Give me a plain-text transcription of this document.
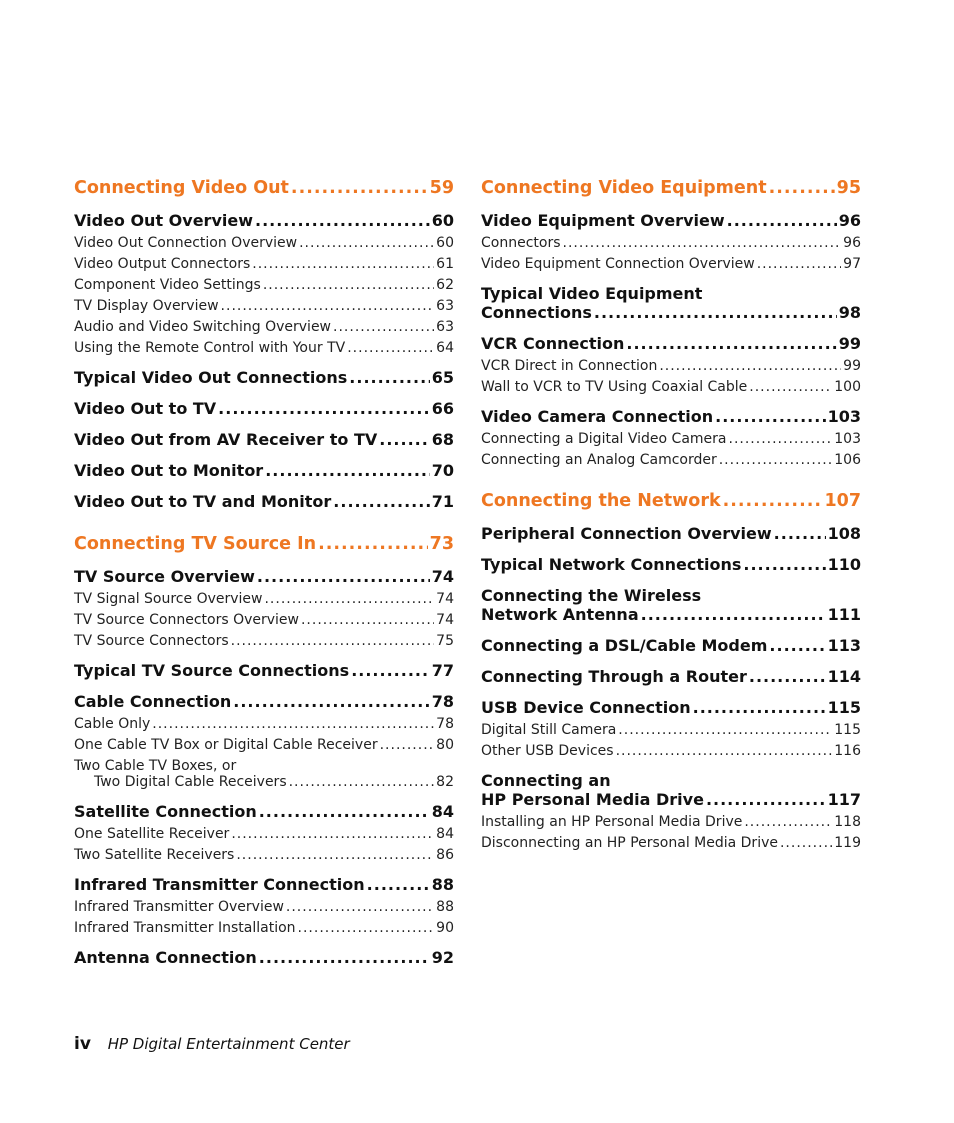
Connecting Video Out .....	59
Video Out Overview .....	60
Video Out Connection Overview .....	60
Video Output Connectors .....	61
Component Video Settings .....	62
TV Display Overview .....	63
Audio and Video Switching Overview .....	63
Using the Remote Control with Your TV .....	64
Typical Video Out Connections .....	65
Video Out to TV .....	66
Video Out from AV Receiver to TV .....	68
Video Out to Monitor .....	70
Video Out to TV and Monitor .....	71
Connecting TV Source In .....	73
TV Source Overview .....	74
TV Signal Source Overview .....	74
TV Source Connectors Overview .....	74
TV Source Connectors .....	75
Typical TV Source Connections .....	77
Cable Connection .....	78
Cable Only .....	78
One Cable TV Box or Digital Cable Receiver .....	80
Two Cable TV Boxes, or
Two Digital Cable Receivers .....	82
Satellite Connection .....	84
One Satellite Receiver .....	84
Two Satellite Receivers .....	86
Infrared Transmitter Connection .....	88
Infrared Transmitter Overview .....	88
Infrared Transmitter Installation .....	90
Antenna Connection .....	92
Connecting Video Equipment .....	95
Video Equipment Overview .....	96
Connectors .....	96
Video Equipment Connection Overview .....	97
Typical Video Equipment
Connections .....	98
VCR Connection .....	99
VCR Direct in Connection .....	99
Wall to VCR to TV Using Coaxial Cable .....	100
Video Camera Connection .....	103
Connecting a Digital Video Camera .....	103
Connecting an Analog Camcorder .....	106
Connecting the Network .....	107
Peripheral Connection Overview .....	108
Typical Network Connections .....	110
Connecting the Wireless
Network Antenna .....	111
Connecting a DSL/Cable Modem .....	113
Connecting Through a Router .....	114
USB Device Connection .....	115
Digital Still Camera .....	115
Other USB Devices .....	116
Connecting an
HP Personal Media Drive .....	117
Installing an HP Personal Media Drive .....	118
Disconnecting an HP Personal Media Drive .....	119
iv HP Digital Entertainment Center
